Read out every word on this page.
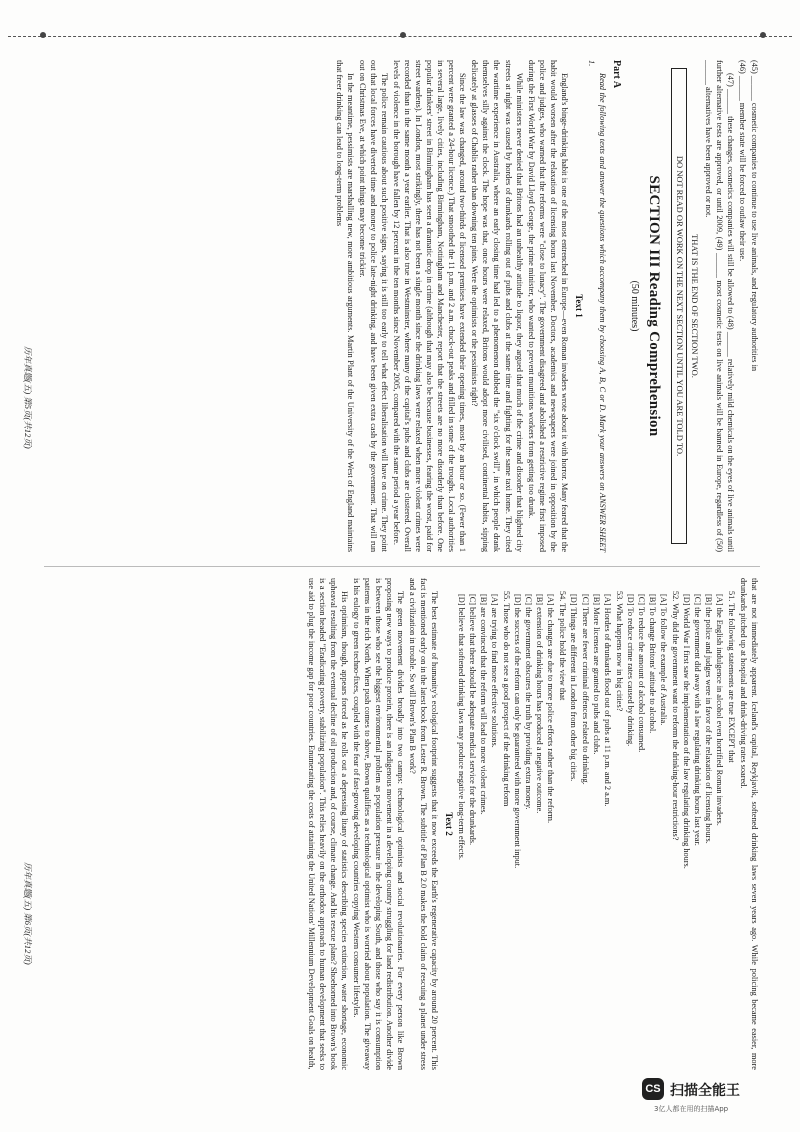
(45) ______ cosmetic companies to continue to use live animals, and regulatory authorities in

(46) ______ member state will be forced to outlaw their use.

(47) ______ these changes, cosmetics companies will still be allowed to (48) ______ relatively mild chemicals on the eyes of live animals until further alternative tests are approved, or until 2009, (49) ______ most cosmetic tests on live animals will be banned in Europe, regardless of (50) ______ alternatives have been approved or not.

THAT IS THE END OF SECTION TWO.
DO NOT READ OR WORK ON THE NEXT SECTION UNTIL YOU ARE TOLD TO.
SECTION III Reading Comprehension
(50 minutes)
Part A

Read the following texts and answer the questions which accompany them by choosing A, B, C or D. Mark your answers on ANSWER SHEET 1.

Text 1

England's binge-drinking habit is one of the most entrenched in Europe—even Roman invaders wrote about it with horror. Many feared that the habit would worsen after the relaxation of licensing hours last November. Doctors, academics and newspapers were joined in opposition by the police and judges, who warned that the reforms were "close to lunacy". The government disagreed and abolished a restrictive regime first imposed during the First World War by David Lloyd George, the prime minister, who wanted to prevent munitions workers from getting too drunk.

While ministers never denied that Britons had an unhealthy attitude to liquor, they argued that much of the crime and disorder that blighted city streets at night was caused by hordes of drunkards rolling out of pubs and clubs at the same time and fighting for the same taxi home. They cited the wartime experience in Australia, where an early closing time had led to a phenomenon dubbed the "six o'clock swill", in which people drank themselves silly against the clock. The hope was that, once hours were relaxed, Britons would adopt more civilised, continental habits, sipping delicately at glasses of Chablis rather than downing ten pints. Were the optimists or the pessimists right?

Since the law was changed, around two-thirds of licensed premises have extended their opening times, most by an hour or so. (Fewer than 1 percent were granted a 24-hour licence.) That smoothed the 11 p.m. and 2 a.m. chuck-out peaks and filled in some of the troughs. Local authorities in several large, lively cities, including Birmingham, Nottingham and Manchester, report that the streets are no more disorderly than before. One popular drinkers' street in Birmingham has seen a dramatic drop in crime (although that may also be because businesses, fearing the worst, paid for street wardens). In London, most strikingly, there has not been a single month since the drinking laws were relaxed when more violent crimes were recorded than in the same month a year earlier. That is also true in Westminster, where many of the capital's pubs and clubs are clustered. Overall levels of violence in the borough have fallen by 12 percent in the ten months since November 2005, compared with the same period a year before.

The police remain cautious about such positive signs, saying it is still too early to tell what effect liberalisation will have on crime. They point out that local forces have diverted time and money to police late-night drinking, and have been given extra cash by the government. That will run out on Christmas Eve, at which point things may become trickier.

In the meantime, pessimists are marshalling new, more ambitious arguments. Martin Plant of the University of the West of England maintains that freer drinking can lead to long-term problems

that are not immediately apparent. Iceland's capital, Reykjavik, softened drinking laws seven years ago. While policing became easier, more drunkards pitched up at hospital and drink-driving rates soared.

51. The following statements are true EXCEPT that

[A] the English indulgence in alcohol even horrified Roman invaders.
[B] the police and judges were in favor of the relaxation of licensing hours.
[C] the government did away with a law regulating drinking hours last year.
[D] World War I first saw the implementation of the law regulating drinking hours.

52. Why did the government want to reform the drinking-hour restrictions?

[A] To follow the example of Australia.
[B] To change Britons' attitude to alcohol.
[C] To reduce the amount of alcohol consumed.
[D] To reduce crime rates caused by drinking.

53. What happens now in big cities?

[A] Hordes of drunkards flood out of pubs at 11 p.m. and 2 a.m.
[B] More licenses are granted to pubs and clubs.
[C] There are fewer criminal offences related to drinking.
[D] Things are different in London from other big cities.

54. The police hold the view that

[A] the changes are due to more police efforts rather than the reform.
[B] extension of drinking hours has produced a negative outcome.
[C] the government obscures the truth by providing extra money.
[D] the success of the reform can only be guaranteed with more government input.

55. Those who do not see a good prospect of the drinking reform

[A] are trying to find more effective solutions.
[B] are convinced that the reform will lead to more violent crimes.
[C] believe that there should be adequate medical service for the drunkards.
[D] believe that softened drinking laws may produce negative long-term effects.
Text 2

The best estimate of humanity's ecological footprint suggests that it now exceeds the Earth's regenerative capacity by around 20 percent. This fact is mentioned early on in the latest book from Lester R. Brown. The subtitle of Plan B 2.0 makes the bold claim of rescuing a planet under stress and a civilization in trouble. So will Brown's Plan B work?

The green movement divides broadly into two camps: technological optimists and social revolutionaries. For every person like Brown proposing new ways to produce protein, there is an indigenous movement in a developing country struggling for land redistribution. Another divide is between those who see the biggest environmental problem as population pressure in the developing South, and those who say it is consumption patterns in the rich North. When push comes to shove, Brown qualifies as a technological optimist who is worried about population. The giveaway is his eulogy to green techno-fixes, coupled with the fear of fast-growing developing countries copying Western consumer lifestyles.

His optimism, though, appears forced as he rolls out a depressing litany of statistics describing species extinction, water shortage, economic upheaval resulting from the eventual decline of oil production and, of course, climate change. And his rescue plans? Shoehorned into Brown's book is a section headed "Eradicating poverty, stabilizing population". This relies heavily on the orthodox approach to human development that seeks to use aid to plug the income gap for poor countries. Enumerating the costs of attaining the United Nations' Millennium Development Goals on health,

历年真题(五) 第5页(共12页)
历年真题(五) 第6页(共12页)
CS 扫描全能王
3亿人都在用的扫描App
